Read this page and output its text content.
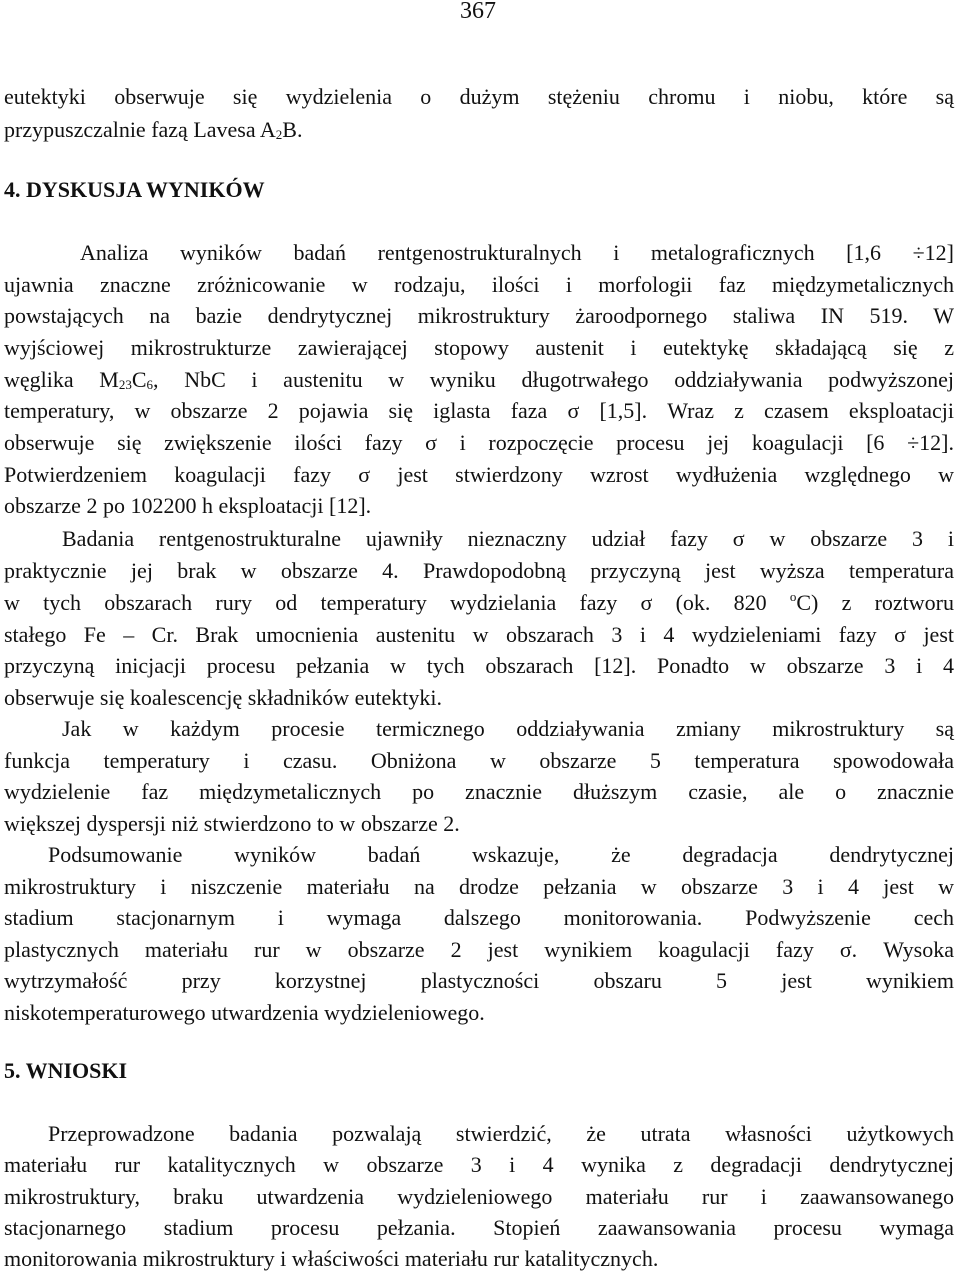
367
eutektyki obserwuje się wydzielenia o dużym stężeniu chromu i niobu, które są
przypuszczalnie fazą Lavesa $A_2B$.
4. DYSKUSJA WYNIKÓW
Analiza wyników badań rentgenostrukturalnych i metalograficznych [1,6 ÷12]
ujawnia znaczne zróżnicowanie w rodzaju, ilości i morfologii faz międzymetalicznych
powstających na bazie dendrytycznej mikrostruktury żaroodpornego staliwa IN 519. W
wyjściowej mikrostrukturze zawierającej stopowy austenit i eutektykę składającą się z
węglika $M_{23}C_6$, NbC i austenitu w wyniku długotrwałego oddziaływania podwyższonej
temperatury, w obszarze 2 pojawia się iglasta faza σ [1,5]. Wraz z czasem eksploatacji
obserwuje się zwiększenie ilości fazy σ i rozpoczęcie procesu jej koagulacji [6 ÷12].
Potwierdzeniem koagulacji fazy σ jest stwierdzony wzrost wydłużenia względnego w
obszarze 2 po 102200 h eksploatacji [12].
Badania rentgenostrukturalne ujawniły nieznaczny udział fazy σ w obszarze 3 i
praktycznie jej brak w obszarze 4. Prawdopodobną przyczyną jest wyższa temperatura
w tych obszarach rury od temperatury wydzielania fazy σ (ok. 820 $^o$C) z roztworu
stałego Fe – Cr. Brak umocnienia austenitu w obszarach 3 i 4 wydzieleniami fazy σ jest
przyczyną inicjacji procesu pełzania w tych obszarach [12]. Ponadto w obszarze 3 i 4
obserwuje się koalescencję składników eutektyki.
Jak w każdym procesie termicznego oddziaływania zmiany mikrostruktury są
funkcja temperatury i czasu. Obniżona w obszarze 5 temperatura spowodowała
wydzielenie faz międzymetalicznych po znacznie dłuższym czasie, ale o znacznie
większej dyspersji niż stwierdzono to w obszarze 2.
Podsumowanie wyników badań wskazuje, że degradacja dendrytycznej
mikrostruktury i niszczenie materiału na drodze pełzania w obszarze 3 i 4 jest w
stadium stacjonarnym i wymaga dalszego monitorowania. Podwyższenie cech
plastycznych materiału rur w obszarze 2 jest wynikiem koagulacji fazy σ. Wysoka
wytrzymałość przy korzystnej plastyczności obszaru 5 jest wynikiem
niskotemperaturowego utwardzenia wydzieleniowego.
5. WNIOSKI
Przeprowadzone badania pozwalają stwierdzić, że utrata własności użytkowych
materiału rur katalitycznych w obszarze 3 i 4 wynika z degradacji dendrytycznej
mikrostruktury, braku utwardzenia wydzieleniowego materiału rur i zaawansowanego
stacjonarnego stadium procesu pełzania. Stopień zaawansowania procesu wymaga
monitorowania mikrostruktury i właściwości materiału rur katalitycznych.
